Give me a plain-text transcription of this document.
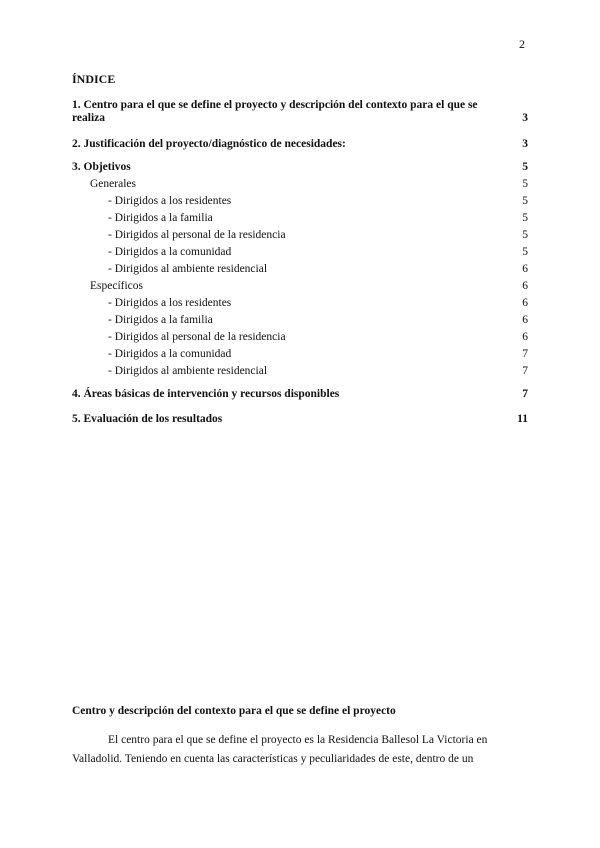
2
ÍNDICE
1. Centro para el que se define el proyecto y descripción del contexto para el que se realiza	3
2. Justificación del proyecto/diagnóstico de necesidades:	3
3. Objetivos	5
Generales	5
- Dirigidos a los residentes	5
- Dirigidos a la familia	5
- Dirigidos al personal de la residencia	5
- Dirigidos a la comunidad	5
- Dirigidos al ambiente residencial	6
Específicos	6
- Dirigidos a los residentes	6
- Dirigidos a la familia	6
- Dirigidos al personal de la residencia	6
- Dirigidos a la comunidad	7
- Dirigidos al ambiente residencial	7
4. Áreas básicas de intervención y recursos disponibles	7
5. Evaluación de los resultados	11
Centro y descripción del contexto para el que se define el proyecto
El centro para el que se define el proyecto es la Residencia Ballesol La Victoria en
Valladolid. Teniendo en cuenta las características y peculiaridades de este, dentro de un
